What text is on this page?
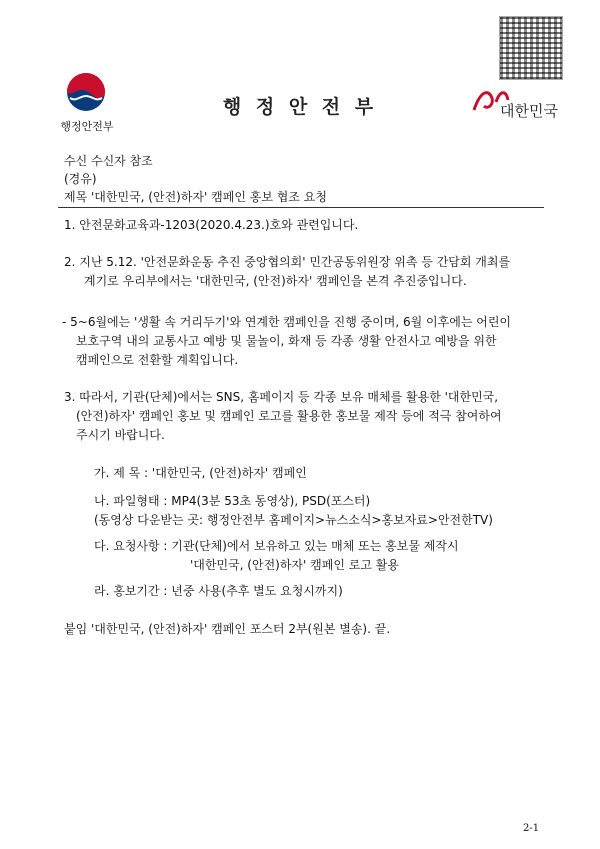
행정안전부
행 정 안 전 부	대한민국
수신 수신자 참조
(경유)
제목 '대한민국, (안전)하자' 캠페인 홍보 협조 요청
1. 안전문화교육과-1203(2020.4.23.)호와 관련입니다.
2. 지난 5.12. '안전문화운동 추진 중앙협의회' 민간공동위원장 위촉 등 간담회 개최를
계기로 우리부에서는 '대한민국, (안전)하자' 캠페인을 본격 추진중입니다.
- 5~6월에는 '생활 속 거리두기'와 연계한 캠페인을 진행 중이며, 6월 이후에는 어린이
보호구역 내의 교통사고 예방 및 물놀이, 화재 등 각종 생활 안전사고 예방을 위한
캠페인으로 전환할 계획입니다.
3. 따라서, 기관(단체)에서는 SNS, 홈페이지 등 각종 보유 매체를 활용한 '대한민국,
(안전)하자' 캠페인 홍보 및 캠페인 로고를 활용한 홍보물 제작 등에 적극 참여하여
주시기 바랍니다.
가. 제 목 : '대한민국, (안전)하자' 캠페인
나. 파일형태 : MP4(3분 53초 동영상), PSD(포스터)
(동영상 다운받는 곳: 행정안전부 홈페이지>뉴스소식>홍보자료>안전한TV)
다. 요청사항 : 기관(단체)에서 보유하고 있는 매체 또는 홍보물 제작시
'대한민국, (안전)하자' 캠페인 로고 활용
라. 홍보기간 : 년중 사용(추후 별도 요청시까지)
붙임 '대한민국, (안전)하자' 캠페인 포스터 2부(원본 별송). 끝.
2-1
